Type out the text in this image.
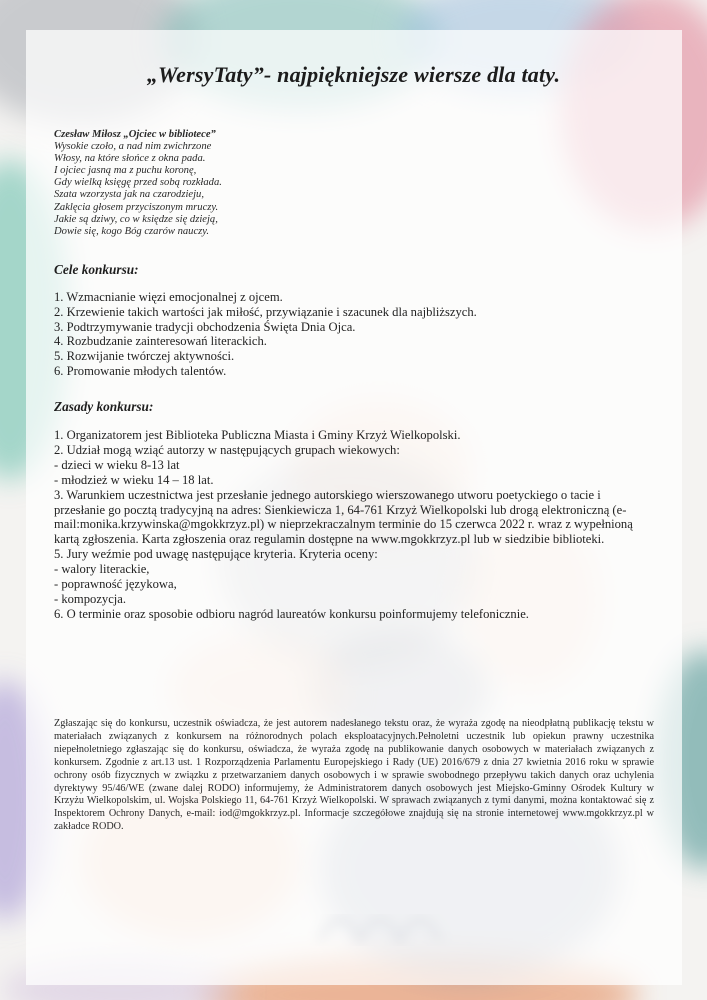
„WersyTaty”- najpiękniejsze wiersze dla taty.
Czesław Miłosz „Ojciec w bibliotece”
Wysokie czoło, a nad nim zwichrzone
Włosy, na które słońce z okna pada.
I ojciec jasną ma z puchu koronę,
Gdy wielką księgę przed sobą rozkłada.
Szata wzorzysta jak na czarodzieju,
Zaklęcia głosem przyciszonym mruczy.
Jakie są dziwy, co w księdze się dzieją,
Dowie się, kogo Bóg czarów nauczy.
Cele konkursu:
1. Wzmacnianie więzi emocjonalnej z ojcem.
2. Krzewienie takich wartości jak miłość, przywiązanie i szacunek dla najbliższych.
3. Podtrzymywanie tradycji obchodzenia Święta Dnia Ojca.
4. Rozbudzanie zainteresowań literackich.
5. Rozwijanie twórczej aktywności.
6. Promowanie młodych talentów.
Zasady konkursu:
1. Organizatorem jest Biblioteka Publiczna Miasta i Gminy Krzyż Wielkopolski.
2. Udział mogą wziąć autorzy w następujących grupach wiekowych:
- dzieci w wieku 8-13 lat
- młodzież w wieku 14 – 18 lat.
3. Warunkiem uczestnictwa jest przesłanie jednego autorskiego wierszowanego utworu poetyckiego o tacie i przesłanie go pocztą tradycyjną na adres: Sienkiewicza 1, 64-761 Krzyż Wielkopolski lub drogą elektroniczną (e-mail:monika.krzywinska@mgokkrzyz.pl) w nieprzekraczalnym terminie do 15 czerwca 2022 r. wraz z wypełnioną kartą zgłoszenia. Karta zgłoszenia oraz regulamin dostępne na www.mgokkrzyz.pl lub w siedzibie biblioteki.
5. Jury weźmie pod uwagę następujące kryteria. Kryteria oceny:
- walory literackie,
- poprawność językowa,
- kompozycja.
6. O terminie oraz sposobie odbioru nagród laureatów konkursu poinformujemy telefonicznie.
Zgłaszając się do konkursu, uczestnik oświadcza, że jest autorem nadesłanego tekstu oraz, że wyraża zgodę na nieodpłatną publikację tekstu w materiałach związanych z konkursem na różnorodnych polach eksploatacyjnych.Pełnoletni uczestnik lub opiekun prawny uczestnika niepełnoletniego zgłaszając się do konkursu, oświadcza, że wyraża zgodę na publikowanie danych osobowych w materiałach związanych z konkursem. Zgodnie z art.13 ust. 1 Rozporządzenia Parlamentu Europejskiego i Rady (UE) 2016/679 z dnia 27 kwietnia 2016 roku w sprawie ochrony osób fizycznych w związku z przetwarzaniem danych osobowych i w sprawie swobodnego przepływu takich danych oraz uchylenia dyrektywy 95/46/WE (zwane dalej RODO) informujemy, że Administratorem danych osobowych jest Miejsko-Gminny Ośrodek Kultury w Krzyżu Wielkopolskim, ul. Wojska Polskiego 11, 64-761 Krzyż Wielkopolski. W sprawach związanych z tymi danymi, można kontaktować się z Inspektorem Ochrony Danych, e-mail: iod@mgokkrzyz.pl. Informacje szczegółowe znajdują się na stronie internetowej www.mgokkrzyz.pl w zakładce RODO.
